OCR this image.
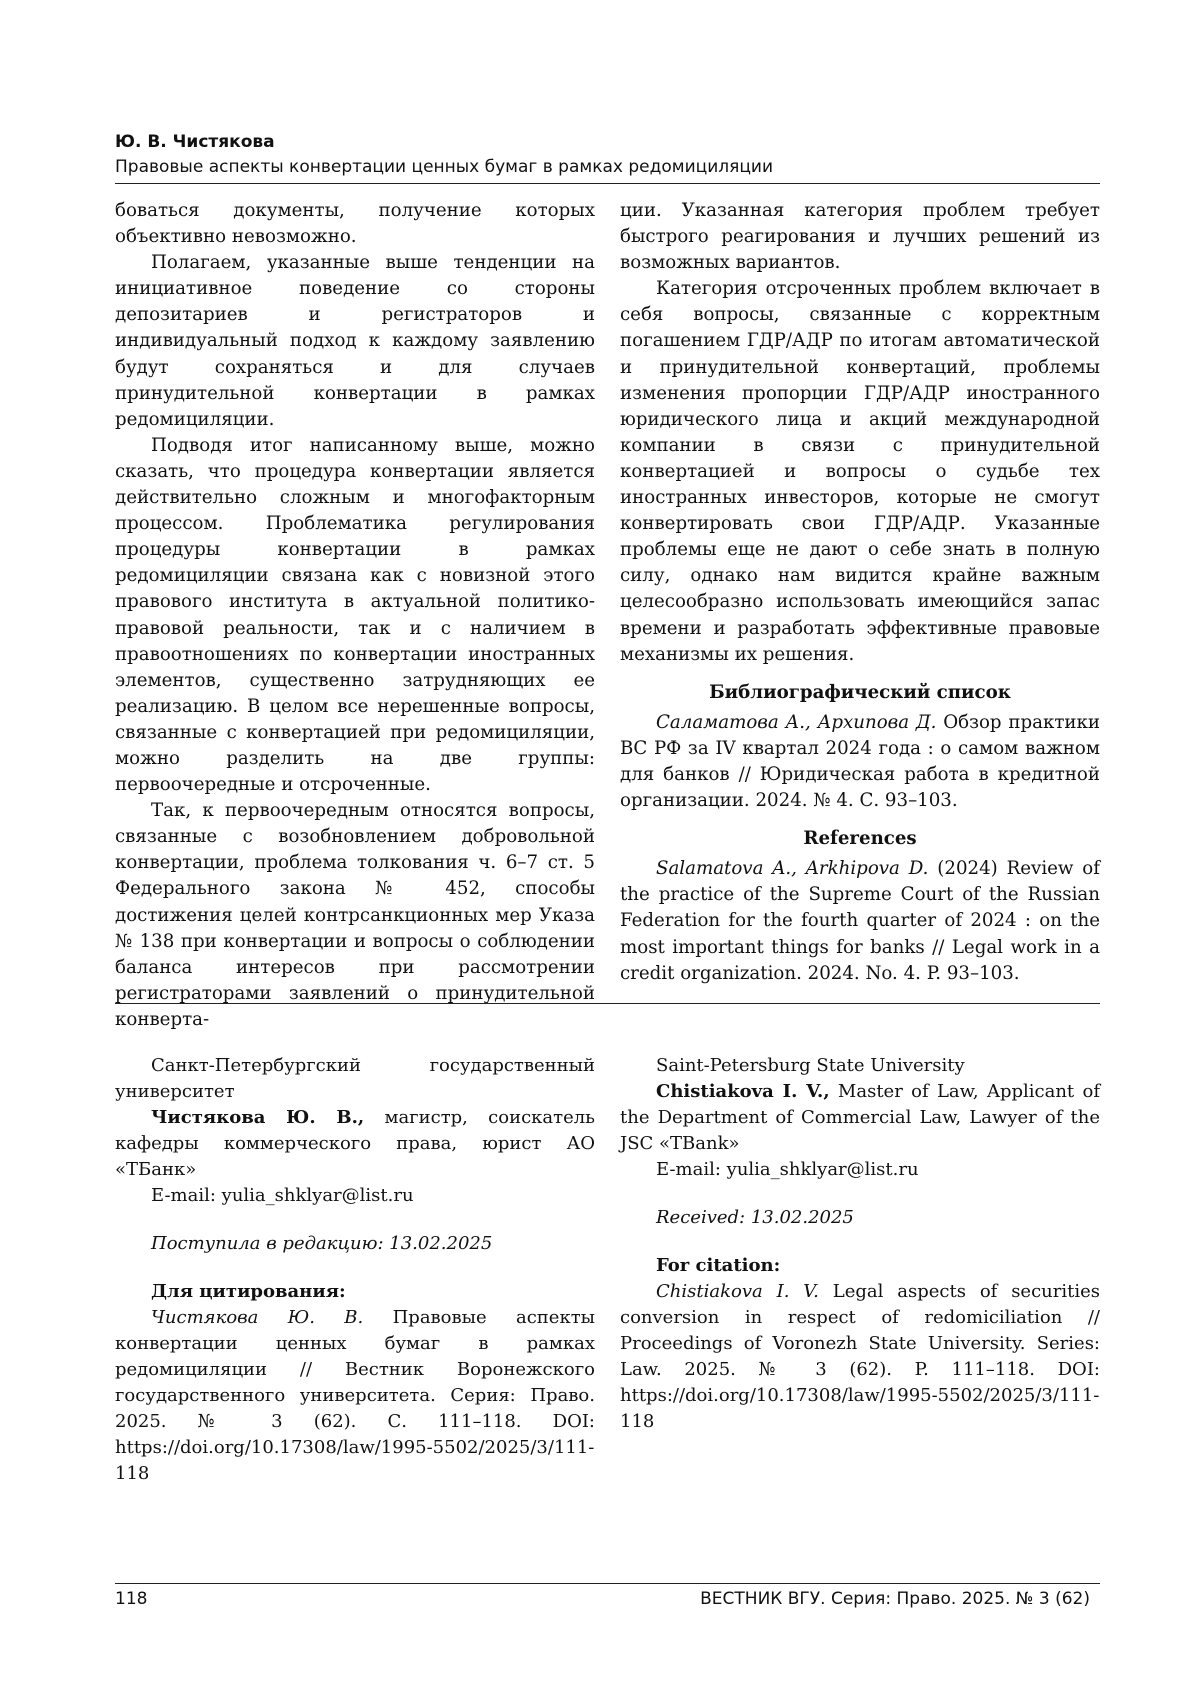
Ю. В. Чистякова
Правовые аспекты конвертации ценных бумаг в рамках редомициляции

боваться документы, получение которых объективно невозможно.

Полагаем, указанные выше тенденции на инициативное поведение со стороны депозитариев и регистраторов и индивидуальный подход к каждому заявлению будут сохраняться и для случаев принудительной конвертации в рамках редомициляции.

Подводя итог написанному выше, можно сказать, что процедура конвертации является действительно сложным и многофакторным процессом. Проблематика регулирования процедуры конвертации в рамках редомициляции связана как с новизной этого правового института в актуальной политико-правовой реальности, так и с наличием в правоотношениях по конвертации иностранных элементов, существенно затрудняющих ее реализацию. В целом все нерешенные вопросы, связанные с конвертацией при редомициляции, можно разделить на две группы: первоочередные и отсроченные.

Так, к первоочередным относятся вопросы, связанные с возобновлением добровольной конвертации, проблема толкования ч. 6–7 ст. 5 Федерального закона № 452, способы достижения целей контрсанкционных мер Указа № 138 при конвертации и вопросы о соблюдении баланса интересов при рассмотрении регистраторами заявлений о принудительной конверта-

ции. Указанная категория проблем требует быстрого реагирования и лучших решений из возможных вариантов.

Категория отсроченных проблем включает в себя вопросы, связанные с корректным погашением ГДР/АДР по итогам автоматической и принудительной конвертаций, проблемы изменения пропорции ГДР/АДР иностранного юридического лица и акций международной компании в связи с принудительной конвертацией и вопросы о судьбе тех иностранных инвесторов, которые не смогут конвертировать свои ГДР/АДР. Указанные проблемы еще не дают о себе знать в полную силу, однако нам видится крайне важным целесообразно использовать имеющийся запас времени и разработать эффективные правовые механизмы их решения.

Библиографический список

Саламатова А., Архипова Д. Обзор практики ВС РФ за IV квартал 2024 года : о самом важном для банков // Юридическая работа в кредитной организации. 2024. № 4. С. 93–103.

References

Salamatova A., Arkhipova D. (2024) Review of the practice of the Supreme Court of the Russian Federation for the fourth quarter of 2024 : on the most important things for banks // Legal work in a credit organization. 2024. No. 4. P. 93–103.

Санкт-Петербургский государственный университет

Чистякова Ю. В., магистр, соискатель кафедры коммерческого права, юрист АО «ТБанк»

E-mail: yulia_shklyar@list.ru

Поступила в редакцию: 13.02.2025

Для цитирования:

Чистякова Ю. В. Правовые аспекты конвертации ценных бумаг в рамках редомициляции // Вестник Воронежского государственного университета. Серия: Право. 2025. № 3 (62). С. 111–118. DOI: https://doi.org/10.17308/law/1995-5502/2025/3/111-118

Saint-Petersburg State University

Chistiakova I. V., Master of Law, Applicant of the Department of Commercial Law, Lawyer of the JSC «TBank»

E-mail: yulia_shklyar@list.ru

Received: 13.02.2025

For citation:

Chistiakova I. V. Legal aspects of securities conversion in respect of redomiciliation // Proceedings of Voronezh State University. Series: Law. 2025. № 3 (62). P. 111–118. DOI: https://doi.org/10.17308/law/1995-5502/2025/3/111-118

118	ВЕСТНИК ВГУ. Серия: Право. 2025. № 3 (62)
